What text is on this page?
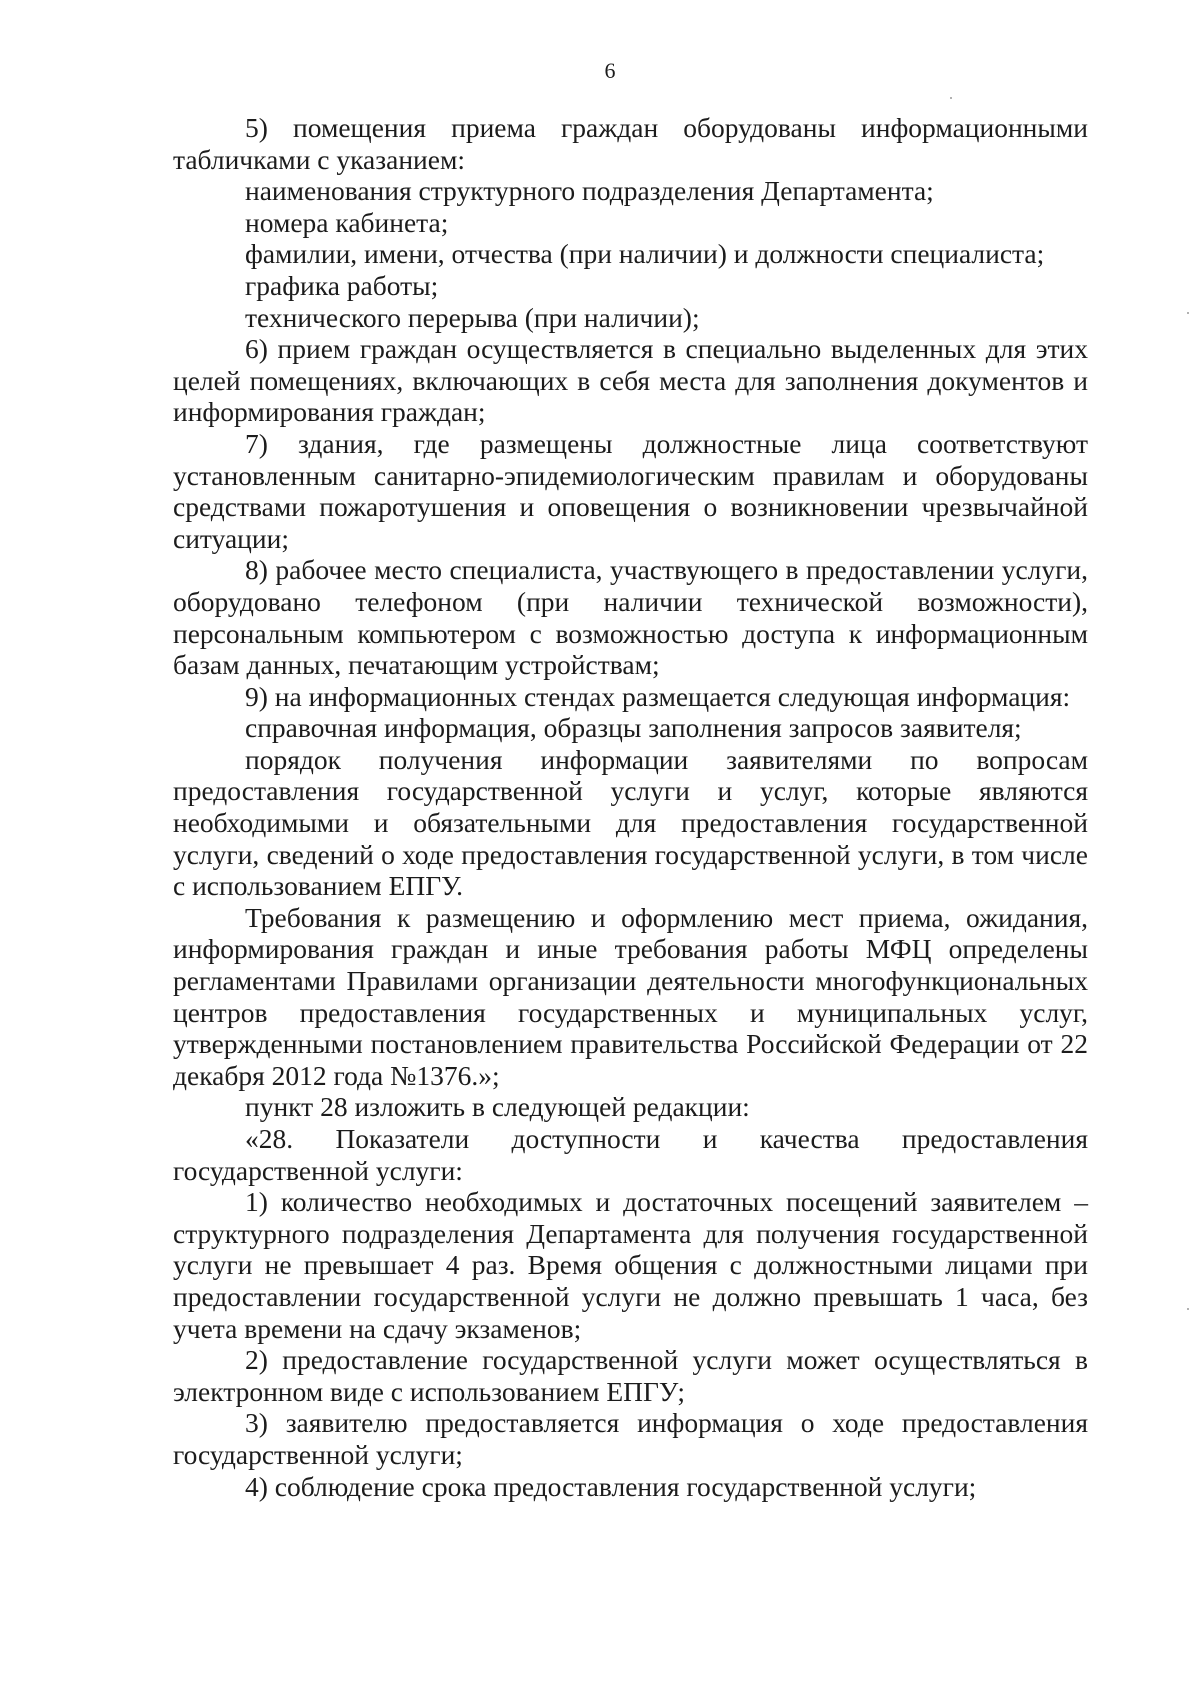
6

5) помещения приема граждан оборудованы информационными табличками с указанием:

наименования структурного подразделения Департамента;

номера кабинета;

фамилии, имени, отчества (при наличии) и должности специалиста;

графика работы;

технического перерыва (при наличии);

6) прием граждан осуществляется в специально выделенных для этих целей помещениях, включающих в себя места для заполнения документов и информирования граждан;

7) здания, где размещены должностные лица соответствуют установленным санитарно-эпидемиологическим правилам и оборудованы средствами пожаротушения и оповещения о возникновении чрезвычайной ситуации;

8) рабочее место специалиста, участвующего в предоставлении услуги, оборудовано телефоном (при наличии технической возможности), персональным компьютером с возможностью доступа к информационным базам данных, печатающим устройствам;

9) на информационных стендах размещается следующая информация:

справочная информация, образцы заполнения запросов заявителя;

порядок получения информации заявителями по вопросам предоставления государственной услуги и услуг, которые являются необходимыми и обязательными для предоставления государственной услуги, сведений о ходе предоставления государственной услуги, в том числе с использованием ЕПГУ.

Требования к размещению и оформлению мест приема, ожидания, информирования граждан и иные требования работы МФЦ определены регламентами Правилами организации деятельности многофункциональных центров предоставления государственных и муниципальных услуг, утвержденными постановлением правительства Российской Федерации от 22 декабря 2012 года №1376.»;

пункт 28 изложить в следующей редакции:

«28. Показатели доступности и качества предоставления государственной услуги:

1) количество необходимых и достаточных посещений заявителем – структурного подразделения Департамента для получения государственной услуги не превышает 4 раз. Время общения с должностными лицами при предоставлении государственной услуги не должно превышать 1 часа, без учета времени на сдачу экзаменов;

2) предоставление государственной услуги может осуществляться в электронном виде с использованием ЕПГУ;

3) заявителю предоставляется информация о ходе предоставления государственной услуги;

4) соблюдение срока предоставления государственной услуги;
